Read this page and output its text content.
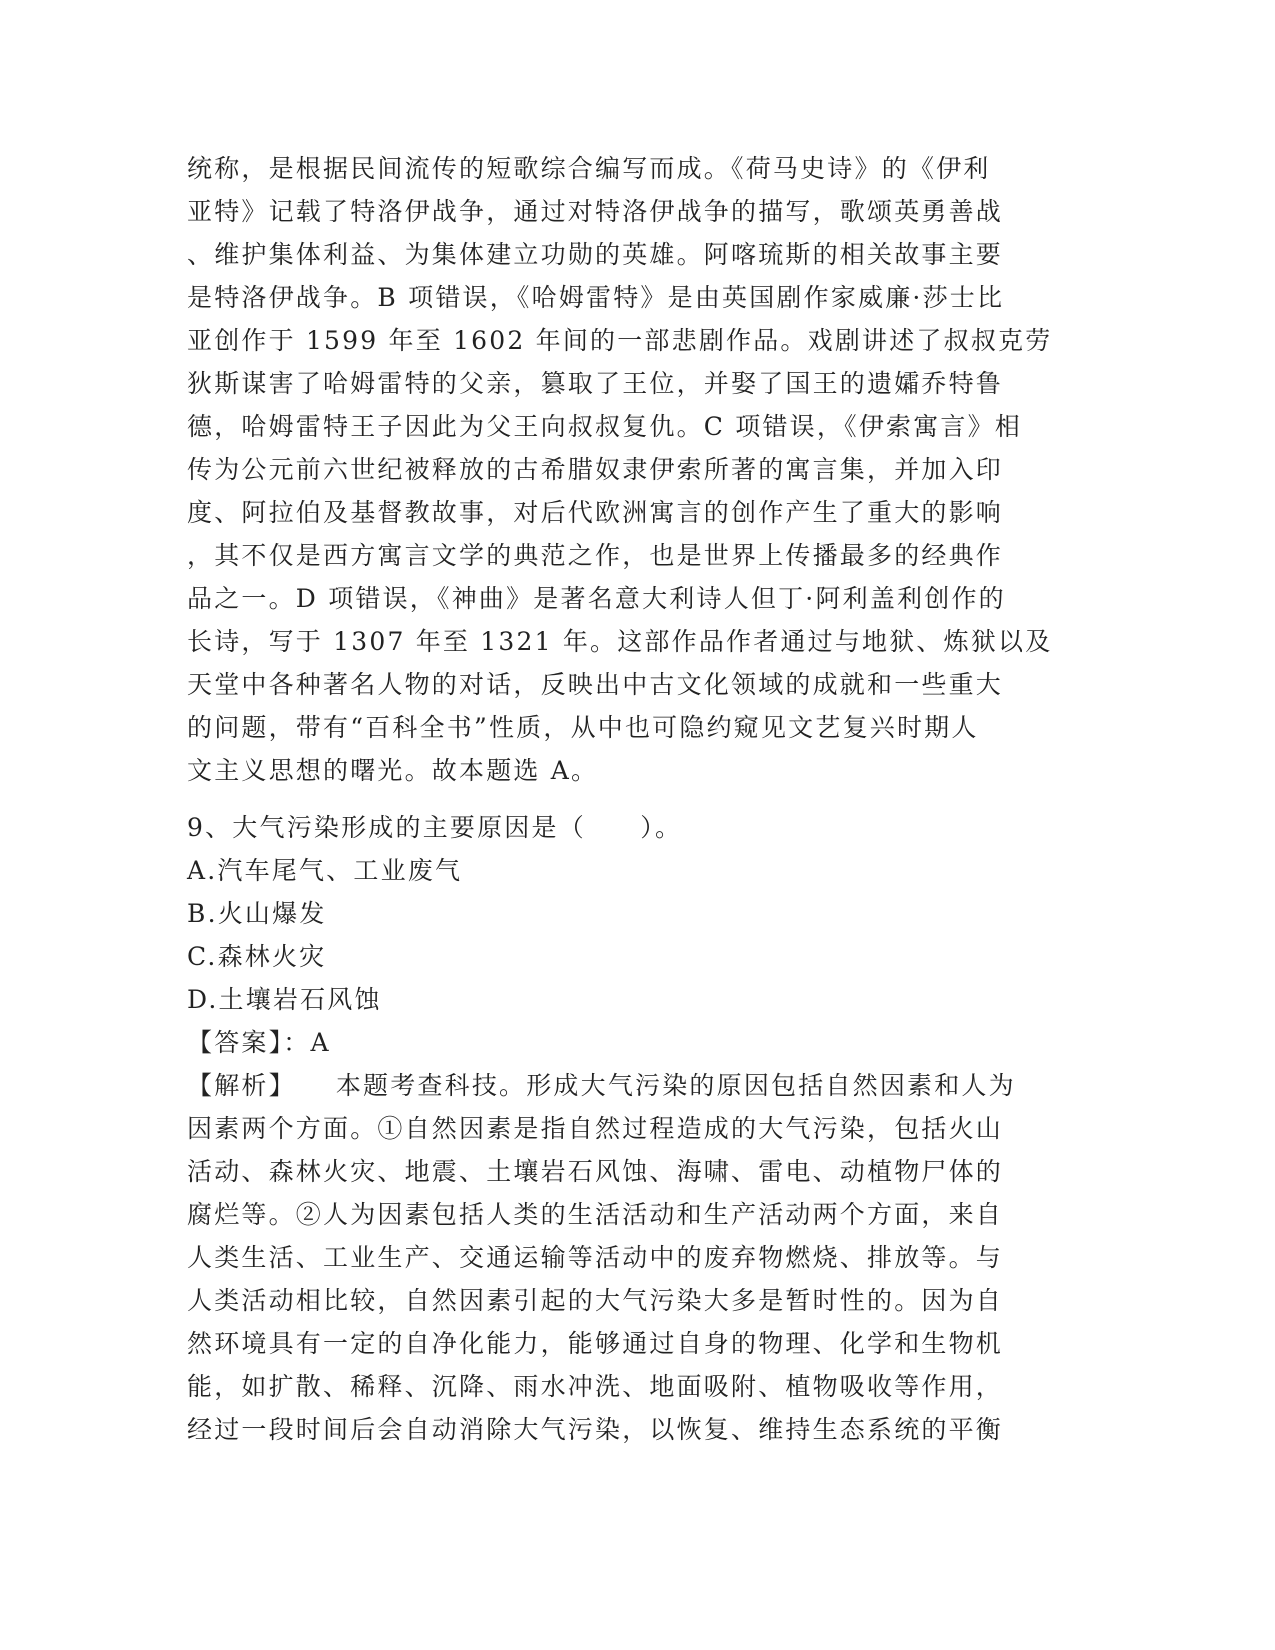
统称，是根据民间流传的短歌综合编写而成。《荷马史诗》的《伊利
亚特》记载了特洛伊战争，通过对特洛伊战争的描写，歌颂英勇善战
、维护集体利益、为集体建立功勋的英雄。阿喀琉斯的相关故事主要
是特洛伊战争。B 项错误，《哈姆雷特》是由英国剧作家威廉·莎士比
亚创作于 1599 年至 1602 年间的一部悲剧作品。戏剧讲述了叔叔克劳
狄斯谋害了哈姆雷特的父亲，篡取了王位，并娶了国王的遗孀乔特鲁
德，哈姆雷特王子因此为父王向叔叔复仇。C 项错误，《伊索寓言》相
传为公元前六世纪被释放的古希腊奴隶伊索所著的寓言集，并加入印
度、阿拉伯及基督教故事，对后代欧洲寓言的创作产生了重大的影响
，其不仅是西方寓言文学的典范之作，也是世界上传播最多的经典作
品之一。D 项错误，《神曲》是著名意大利诗人但丁·阿利盖利创作的
长诗，写于 1307 年至 1321 年。这部作品作者通过与地狱、炼狱以及
天堂中各种著名人物的对话，反映出中古文化领域的成就和一些重大
的问题，带有“百科全书”性质，从中也可隐约窥见文艺复兴时期人
文主义思想的曙光。故本题选 A。
9、大气污染形成的主要原因是（　　）。
A.汽车尾气、工业废气
B.火山爆发
C.森林火灾
D.土壤岩石风蚀
【答案】：A
【解析】 本题考查科技。形成大气污染的原因包括自然因素和人为
因素两个方面。①自然因素是指自然过程造成的大气污染，包括火山
活动、森林火灾、地震、土壤岩石风蚀、海啸、雷电、动植物尸体的
腐烂等。②人为因素包括人类的生活活动和生产活动两个方面，来自
人类生活、工业生产、交通运输等活动中的废弃物燃烧、排放等。与
人类活动相比较，自然因素引起的大气污染大多是暂时性的。因为自
然环境具有一定的自净化能力，能够通过自身的物理、化学和生物机
能，如扩散、稀释、沉降、雨水冲洗、地面吸附、植物吸收等作用，
经过一段时间后会自动消除大气污染，以恢复、维持生态系统的平衡
